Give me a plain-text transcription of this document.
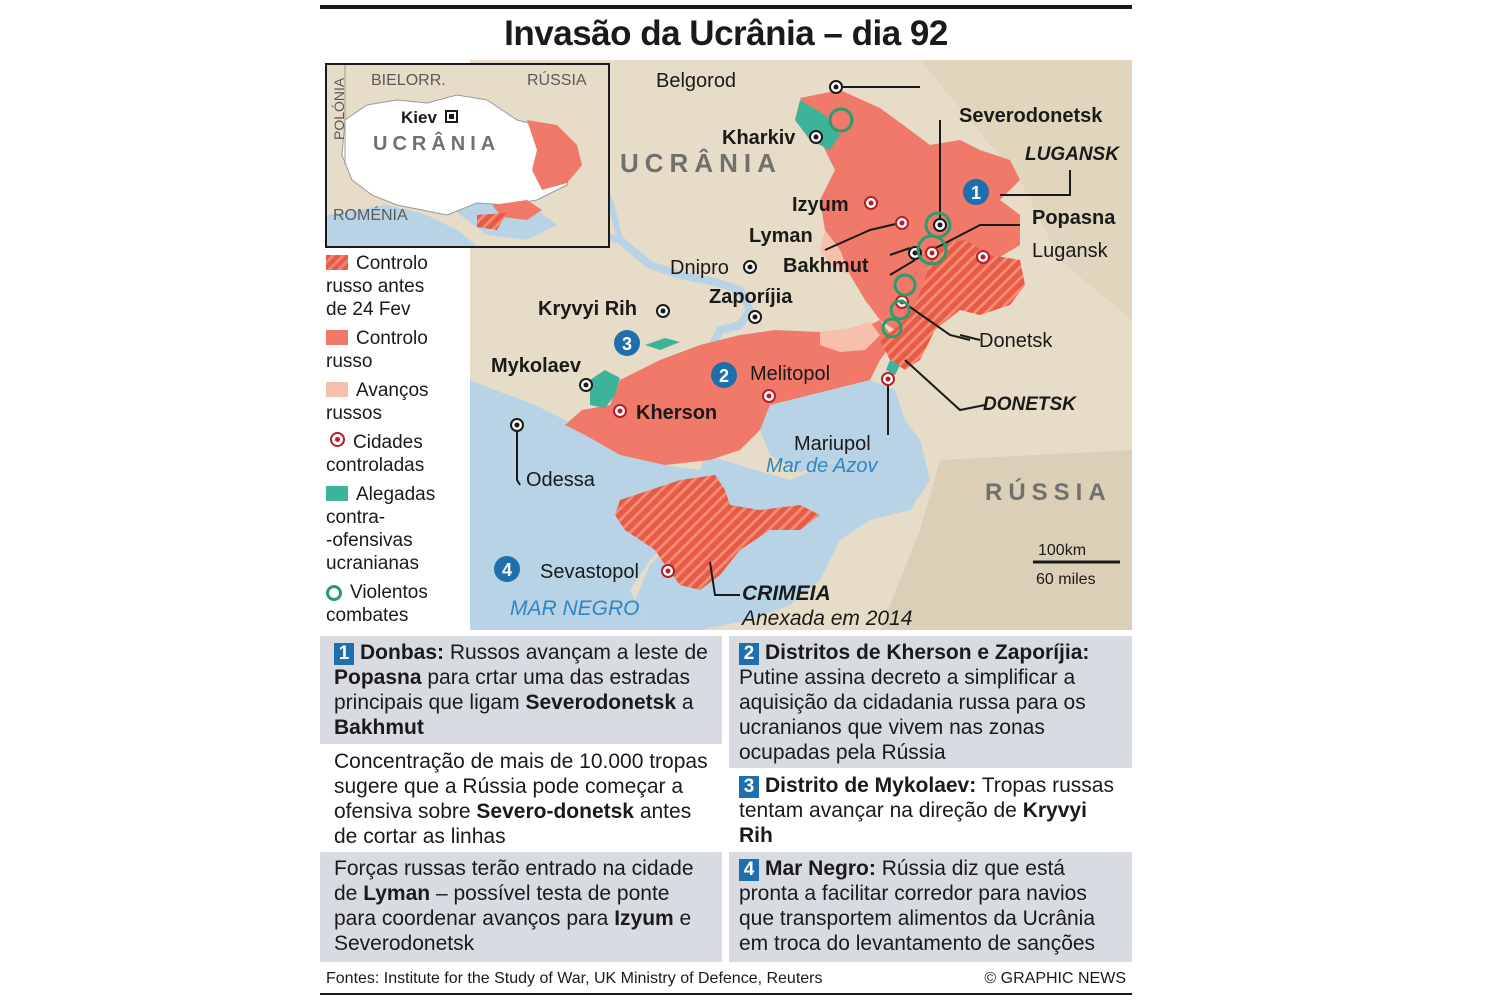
Invasão da Ucrânia – dia 92
100km
60 miles
UCRÂNIA
RÚSSIA
MAR NEGRO
Mar de Azov
LUGANSK
DONETSK
CRIMEIA
Anexada em 2014
1
2
3
4
Belgorod
Kharkiv
Severodonetsk
Izyum
Lyman
Popasna
Lugansk
Bakhmut
Dnipro
Zaporíjia
Kryvyi Rih
Mykolaev
Kherson
Melitopol
Donetsk
Mariupol
Odessa
Sevastopol
BIELORR.	RÚSSIA
POLÓNIA
ROMÉNIA
Kiev
UCRÂNIA
Controlo
russo antes
de 24 Fev
Controlo
russo
Avanços
russos
Cidades
controladas
Alegadas
contra-
-ofensivas
ucranianas
Violentos
combates
1 Donbas: Russos avançam a leste de Popasna para crtar uma das estradas principais que ligam Severodonetsk a Bakhmut
Concentração de mais de 10.000 tropas sugere que a Rússia pode começar a ofensiva sobre Severo-donetsk antes de cortar as linhas
Forças russas terão entrado na cidade de Lyman – possível testa de ponte para coordenar avanços para Izyum e Severodonetsk
2 Distritos de Kherson e Zaporíjia:
Putine assina decreto a simplificar a aquisição da cidadania russa para os ucranianos que vivem nas zonas ocupadas pela Rússia
3 Distrito de Mykolaev: Tropas russas tentam avançar na direção de Kryvyi Rih
4 Mar Negro: Rússia diz que está pronta a facilitar corredor para navios que transportem alimentos da Ucrânia em troca do levantamento de sanções
Fontes: Institute for the Study of War, UK Ministry of Defence, Reuters	© GRAPHIC NEWS
